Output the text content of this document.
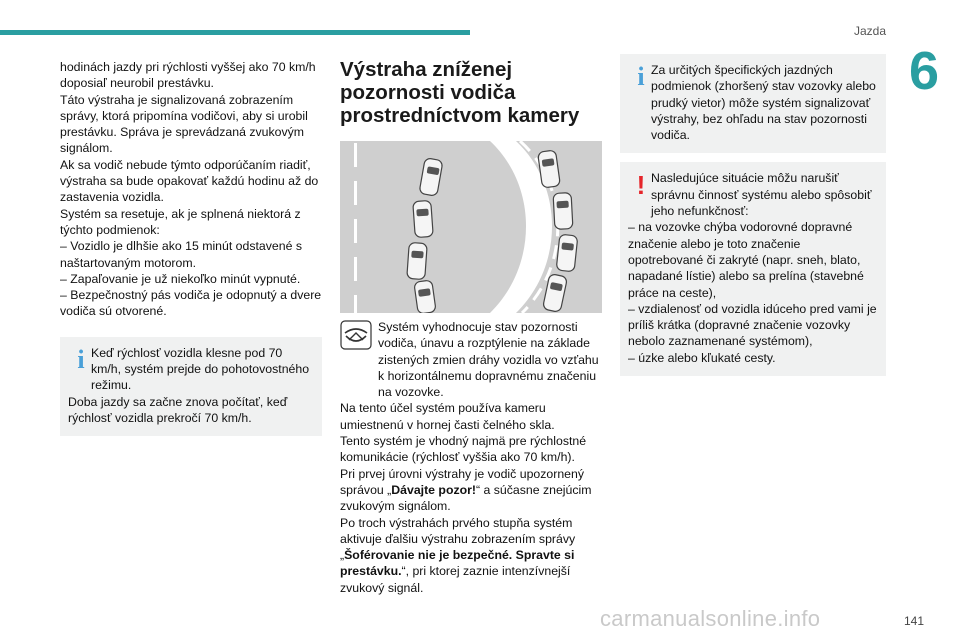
Jazda
6

hodinách jazdy pri rýchlosti vyššej ako 70 km/h doposiaľ neurobil prestávku.

Táto výstraha je signalizovaná zobrazením správy, ktorá pripomína vodičovi, aby si urobil prestávku. Správa je sprevádzaná zvukovým signálom.

Ak sa vodič nebude týmto odporúčaním riadiť, výstraha sa bude opakovať každú hodinu až do zastavenia vozidla.

Systém sa resetuje, ak je splnená niektorá z týchto podmienok:

– Vozidlo je dlhšie ako 15 minút odstavené s naštartovaným motorom.

– Zapaľovanie je už niekoľko minút vypnuté.

– Bezpečnostný pás vodiča je odopnutý a dvere vodiča sú otvorené.

i Keď rýchlosť vozidla klesne pod 70 km/h, systém prejde do pohotovostného režimu.
Doba jazdy sa začne znova počítať, keď rýchlosť vozidla prekročí 70 km/h.
Výstraha zníženej pozornosti vodiča prostredníctvom kamery
Systém vyhodnocuje stav pozornosti vodiča, únavu a rozptýlenie na základe zistených zmien dráhy vozidla vo vzťahu k horizontálnemu dopravnému značeniu na vozovke.

Na tento účel systém používa kameru umiestnenú v hornej časti čelného skla.

Tento systém je vhodný najmä pre rýchlostné komunikácie (rýchlosť vyššia ako 70 km/h).

Pri prvej úrovni výstrahy je vodič upozornený správou „Dávajte pozor!“ a súčasne znejúcim zvukovým signálom.

Po troch výstrahách prvého stupňa systém aktivuje ďalšiu výstrahu zobrazením správy „Šoférovanie nie je bezpečné. Spravte si prestávku.“, pri ktorej zaznie intenzívnejší zvukový signál.

i Za určitých špecifických jazdných podmienok (zhoršený stav vozovky alebo prudký vietor) môže systém signalizovať výstrahy, bez ohľadu na stav pozornosti vodiča.
! Nasledujúce situácie môžu narušiť správnu činnosť systému alebo spôsobiť jeho nefunkčnosť:
– na vozovke chýba vodorovné dopravné značenie alebo je toto značenie opotrebované či zakryté (napr. sneh, blato, napadané lístie) alebo sa prelína (stavebné práce na ceste),
– vzdialenosť od vozidla idúceho pred vami je príliš krátka (dopravné značenie vozovky nebolo zaznamenané systémom),
– úzke alebo kľukaté cesty.
carmanualsonline.info	141
